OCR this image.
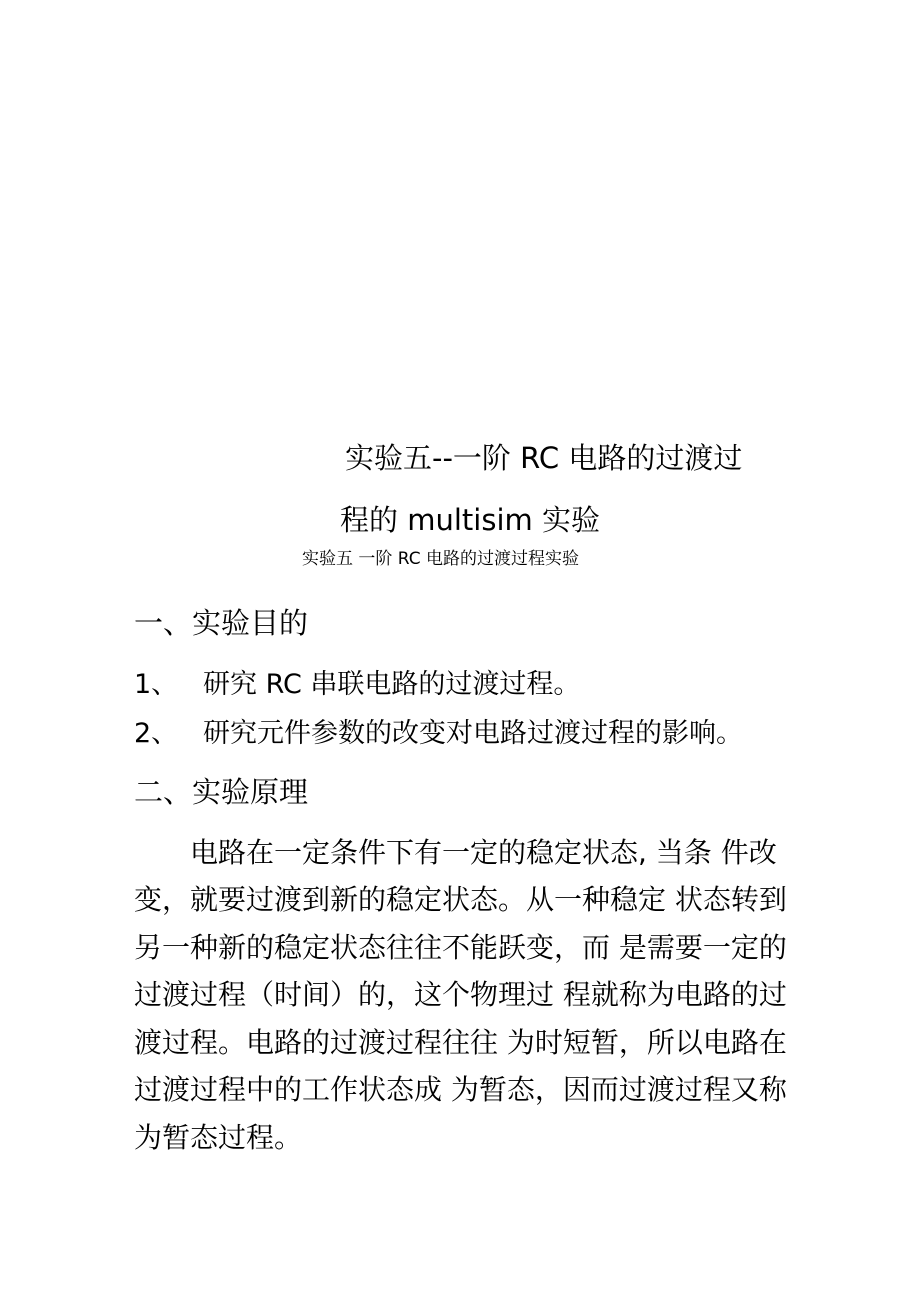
实验五--一阶 RC 电路的过渡过
程的 multisim 实验
实验五 一阶 RC 电路的过渡过程实验
一、实验目的
1、 研究 RC 串联电路的过渡过程。
2、 研究元件参数的改变对电路过渡过程的影响。
二、实验原理
　　电路在一定条件下有一定的稳定状态, 当条 件改
变，就要过渡到新的稳定状态。从一种稳定 状态转到
另一种新的稳定状态往往不能跃变，而 是需要一定的
过渡过程（时间）的，这个物理过 程就称为电路的过
渡过程。电路的过渡过程往往 为时短暂，所以电路在
过渡过程中的工作状态成 为暂态，因而过渡过程又称
为暂态过程。
